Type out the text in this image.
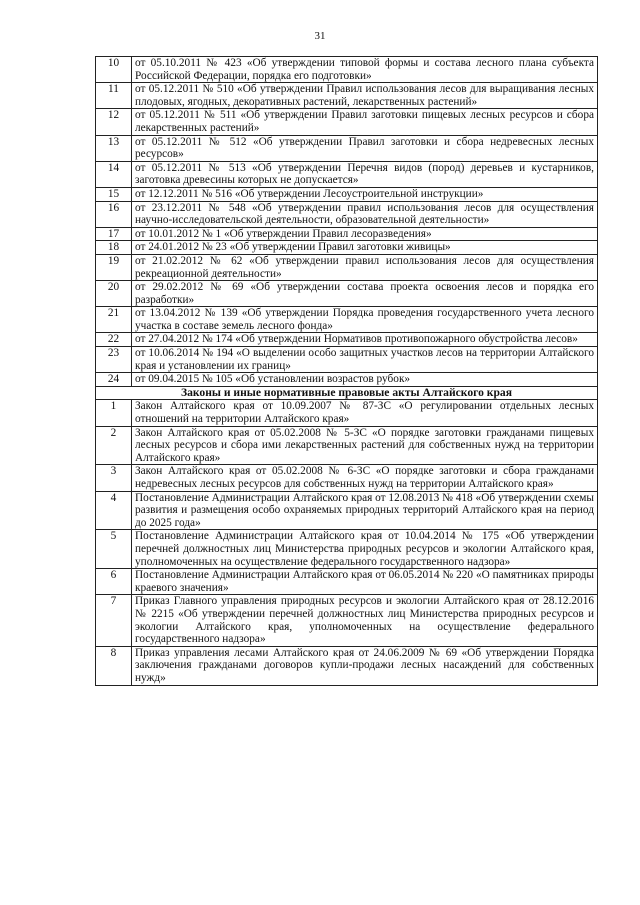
31
10	от 05.10.2011 № 423 «Об утверждении типовой формы и состава лесного плана субъекта Российской Федерации, порядка его подготовки»
11	от 05.12.2011 № 510 «Об утверждении Правил использования лесов для выращивания лесных плодовых, ягодных, декоративных растений, лекарственных растений»
12	от 05.12.2011 № 511 «Об утверждении Правил заготовки пищевых лесных ресурсов и сбора лекарственных растений»
13	от 05.12.2011 № 512 «Об утверждении Правил заготовки и сбора недревесных лесных ресурсов»
14	от 05.12.2011 № 513 «Об утверждении Перечня видов (пород) деревьев и кустарников, заготовка древесины которых не допускается»
15	от 12.12.2011 № 516 «Об утверждении Лесоустроительной инструкции»
16	от 23.12.2011 № 548 «Об утверждении правил использования лесов для осуществления научно-исследовательской деятельности, образовательной деятельности»
17	от 10.01.2012 № 1 «Об утверждении Правил лесоразведения»
18	от 24.01.2012 № 23 «Об утверждении Правил заготовки живицы»
19	от 21.02.2012 № 62 «Об утверждении правил использования лесов для осуществления рекреационной деятельности»
20	от 29.02.2012 № 69 «Об утверждении состава проекта освоения лесов и порядка его разработки»
21	от 13.04.2012 № 139 «Об утверждении Порядка проведения государственного учета лесного участка в составе земель лесного фонда»
22	от 27.04.2012 № 174 «Об утверждении Нормативов противопожарного обустройства лесов»
23	от 10.06.2014 № 194 «О выделении особо защитных участков лесов на территории Алтайского края и установлении их границ»
24	от 09.04.2015 № 105 «Об установлении возрастов рубок»
Законы и иные нормативные правовые акты Алтайского края	
1	Закон Алтайского края от 10.09.2007 № 87-ЗС «О регулировании отдельных лесных отношений на территории Алтайского края»
2	Закон Алтайского края от 05.02.2008 № 5-ЗС «О порядке заготовки гражданами пищевых лесных ресурсов и сбора ими лекарственных растений для собственных нужд на территории Алтайского края»
3	Закон Алтайского края от 05.02.2008 № 6-ЗС «О порядке заготовки и сбора гражданами недревесных лесных ресурсов для собственных нужд на территории Алтайского края»
4	Постановление Администрации Алтайского края от 12.08.2013 № 418 «Об утверждении схемы развития и размещения особо охраняемых природных территорий Алтайского края на период до 2025 года»
5	Постановление Администрации Алтайского края от 10.04.2014 № 175 «Об утверждении перечней должностных лиц Министерства природных ресурсов и экологии Алтайского края, уполномоченных на осуществление федерального государственного надзора»
6	Постановление Администрации Алтайского края от 06.05.2014 № 220 «О памятниках природы краевого значения»
7	Приказ Главного управления природных ресурсов и экологии Алтайского края от 28.12.2016 № 2215 «Об утверждении перечней должностных лиц Министерства природных ресурсов и экологии Алтайского края, уполномоченных на осуществление федерального государственного надзора»
8	Приказ управления лесами Алтайского края от 24.06.2009 № 69 «Об утверждении Порядка заключения гражданами договоров купли-продажи лесных насаждений для собственных нужд»
